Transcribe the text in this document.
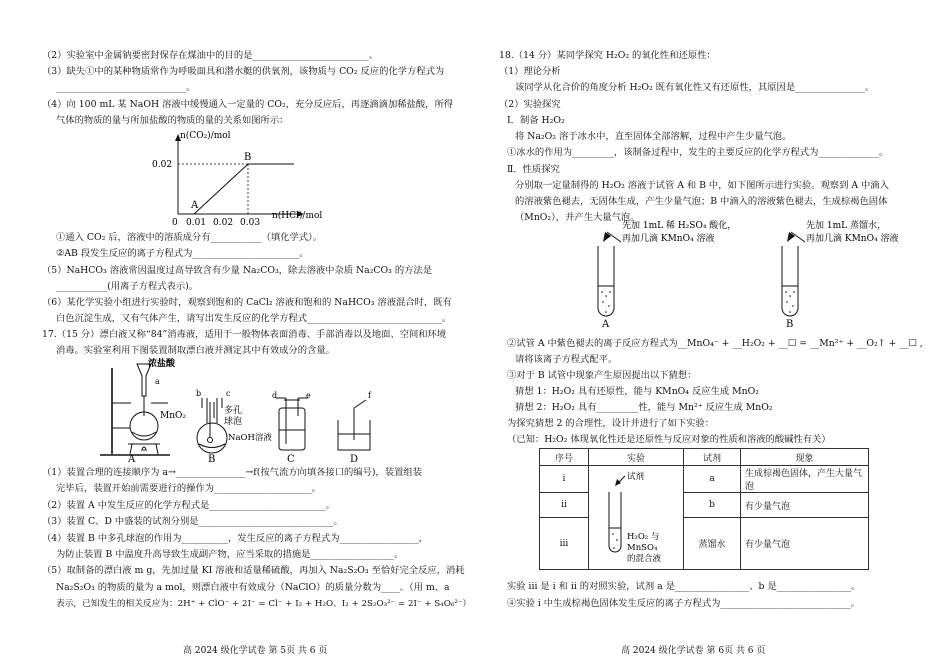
（2）实验室中金属钠要密封保存在煤油中的目的是_________________________。
（3）缺失①中的某种物质常作为呼吸面具和潜水艇的供氧剂，该物质与 CO₂ 反应的化学方程式为
____________________________。
（4）向 100 mL 某 NaOH 溶液中缓慢通入一定量的 CO₂，充分反应后，再逐滴滴加稀盐酸，所得
气体的物质的量与所加盐酸的物质的量的关系如图所示：
n(CO₂)/mol
n(HCl)/mol
0.02
0 0.01 0.02 0.03
A
B
①通入 CO₂ 后，溶液中的溶质成分有___________（填化学式）。
②AB 段发生反应的离子方程式为_______________________。
（5）NaHCO₃ 溶液常因温度过高导致含有少量 Na₂CO₃，除去溶液中杂质 Na₂CO₃ 的方法是
___________(用离子方程式表示)。
（6）某化学实验小组进行实验时，观察到饱和的 CaCl₂ 溶液和饱和的 NaHCO₃ 溶液混合时，既有
白色沉淀生成，又有气体产生，请写出发生反应的化学方程式_____________________________。
17.（15 分）漂白液又称“84”消毒液，适用于一般物体表面消毒、手部消毒以及地面、空间和环境
消毒。实验室利用下图装置制取漂白液并测定其中有效成分的含量。
浓盐酸
a
MnO₂
A
b	c
多孔
球泡
NaOH溶液
B
d	e
C
f
D
（1）装置合理的连接顺序为 a→_______________→f(按气流方向填各接口的编号)，装置组装
完毕后，装置开始前需要进行的操作为_____________________。
（2）装置 A 中发生反应的化学方程式是_________________________。
（3）装置 C、D 中盛装的试剂分别是_____________________________。
（4）装置 B 中多孔球泡的作用为__________，发生反应的离子方程式为_________________，
为防止装置 B 中温度升高导致生成副产物，应当采取的措施是__________________。
（5）取制备的漂白液 m g，先加过量 KI 溶液和适量稀硫酸，再加入 Na₂S₂O₃ 至恰好完全反应，消耗
Na₂S₂O₃ 的物质的量为 a mol，则漂白液中有效成分（NaClO）的质量分数为____。（用 m、a
表示，已知发生的相关反应为：2H⁺ + ClO⁻ + 2I⁻ = Cl⁻ + I₂ + H₂O、I₂ + 2S₂O₃²⁻ = 2I⁻ + S₄O₆²⁻）
高 2024 级化学试卷 第 5页 共 6 页
18.（14 分）某同学探究 H₂O₂ 的氧化性和还原性：
（1）理论分析
该同学从化合价的角度分析 H₂O₂ 既有氧化性又有还原性，其原因是_______________。
（2）实验探究
Ⅰ．制备 H₂O₂
将 Na₂O₂ 溶于冰水中，直至固体全部溶解，过程中产生少量气泡。
①冰水的作用为_________，该制备过程中，发生的主要反应的化学方程式为_____________。
Ⅱ．性质探究
分别取一定量制得的 H₂O₂ 溶液于试管 A 和 B 中，如下图所示进行实验。观察到 A 中滴入
的溶液紫色褪去，无固体生成，产生少量气泡；B 中滴入的溶液紫色褪去，生成棕褐色固体
（MnO₂），并产生大量气泡。
先加 1mL 稀 H₂SO₄ 酸化，
再加几滴 KMnO₄ 溶液
A
先加 1mL 蒸馏水，
再加几滴 KMnO₄ 溶液
B
②试管 A 中紫色褪去的离子反应方程式为__MnO₄⁻ + __H₂O₂ + __☐ = __Mn²⁺ + __O₂↑ + __☐ ,
请将该离子方程式配平。
③对于 B 试管中现象产生原因提出以下猜想：
猜想 1：H₂O₂ 具有还原性，能与 KMnO₄ 反应生成 MnO₂
猜想 2：H₂O₂ 具有_________性，能与 Mn²⁺ 反应生成 MnO₂
为探究猜想 2 的合理性，设计并进行了如下实验：
（已知：H₂O₂ 体现氧化性还是还原性与反应对象的性质和溶液的酸碱性有关）
序号	实验	试剂	现象
i	试剂
H₂O₂ 与
MnSO₄
的混合液	a	生成棕褐色固体，产生大量气泡
ii		b	有少量气泡
iii		蒸馏水	有少量气泡
实验 iii 是 i 和 ii 的对照实验，试剂 a 是________________、b 是________________。
④实验 i 中生成棕褐色固体发生反应的离子方程式为____________________________。
高 2024 级化学试卷 第 6页 共 6 页
